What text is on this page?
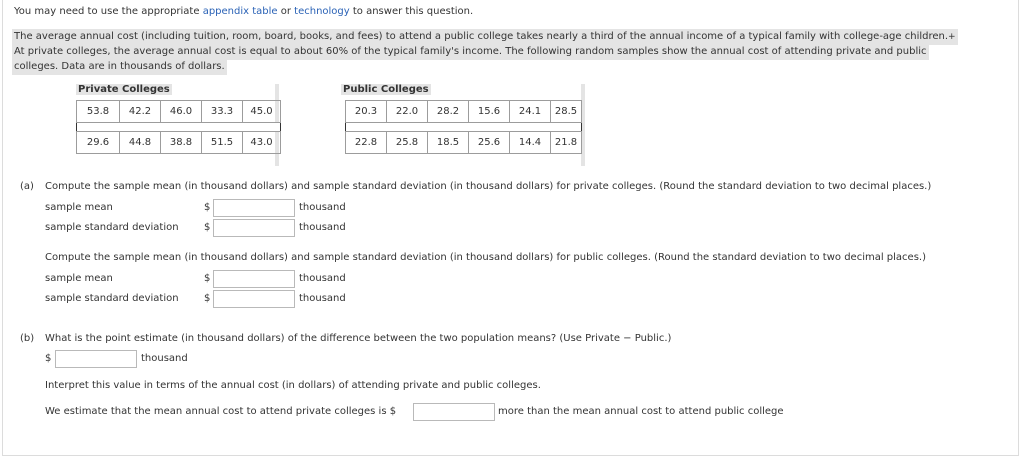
You may need to use the appropriate appendix table or technology to answer this question.
The average annual cost (including tuition, room, board, books, and fees) to attend a public college takes nearly a third of the annual income of a typical family with college-age children.+
At private colleges, the average annual cost is equal to about 60% of the typical family's income. The following random samples show the annual cost of attending private and public
colleges. Data are in thousands of dollars.
Private Colleges
53.8	42.2	46.0	33.3	45.0

29.6	44.8	38.8	51.5	43.0
Public Colleges
20.3	22.0	28.2	15.6	24.1	28.5

22.8	25.8	18.5	25.6	14.4	21.8
(a) Compute the sample mean (in thousand dollars) and sample standard deviation (in thousand dollars) for private colleges. (Round the standard deviation to two decimal places.)
sample mean	$	thousand
sample standard deviation	$	thousand
Compute the sample mean (in thousand dollars) and sample standard deviation (in thousand dollars) for public colleges. (Round the standard deviation to two decimal places.)
sample mean	$	thousand
sample standard deviation	$	thousand
(b) What is the point estimate (in thousand dollars) of the difference between the two population means? (Use Private − Public.)
$	thousand
Interpret this value in terms of the annual cost (in dollars) of attending private and public colleges.
We estimate that the mean annual cost to attend private colleges is $	more than the mean annual cost to attend public college
